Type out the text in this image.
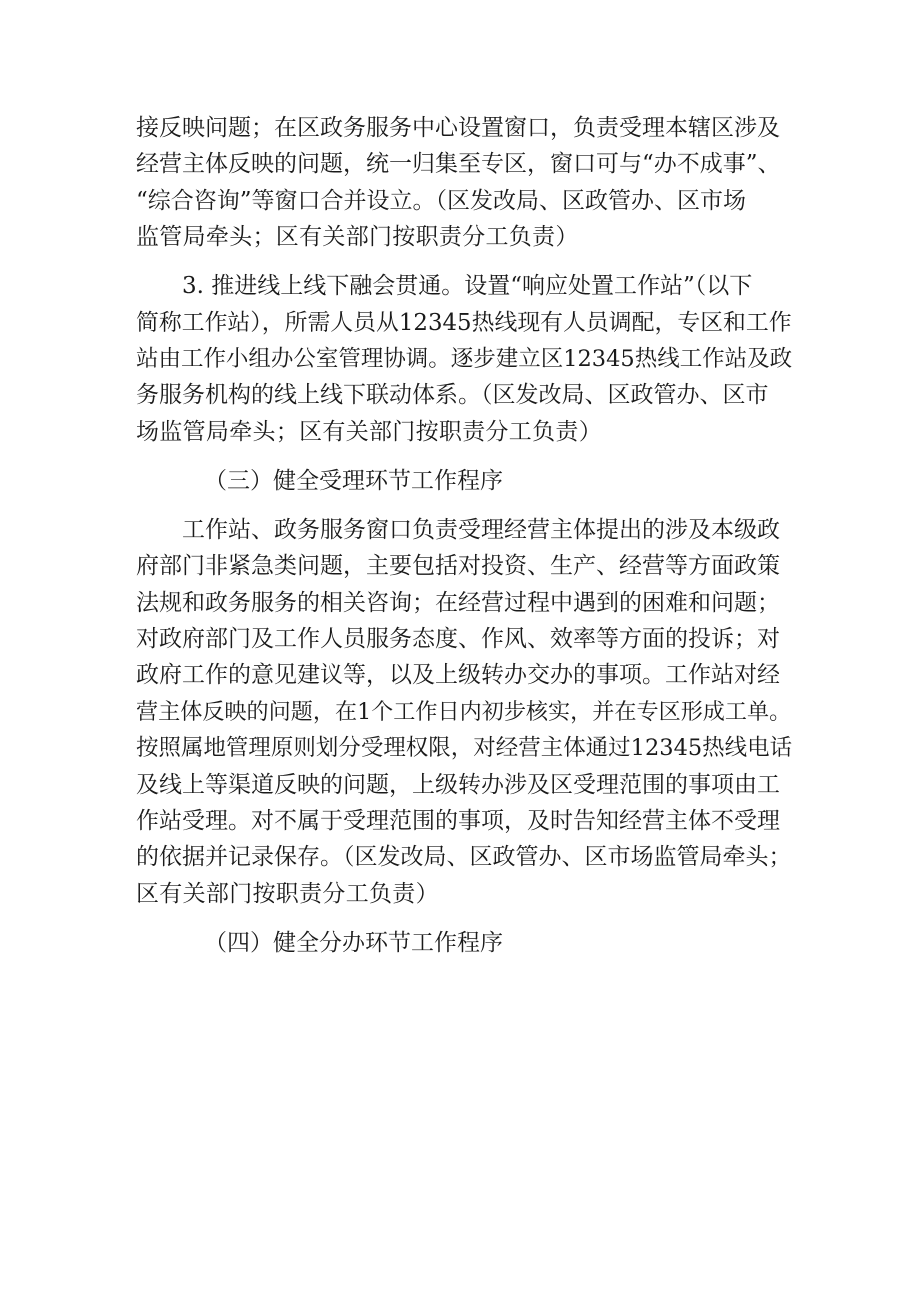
接反映问题；在区政务服务中心设置窗口，负责受理本辖区涉及
经营主体反映的问题，统一归集至专区，窗口可与“办不成事”、
“综合咨询”等窗口合并设立。（区发改局、区政管办、区市场
监管局牵头；区有关部门按职责分工负责）

3. 推进线上线下融会贯通。设置“响应处置工作站”（以下
简称工作站），所需人员从12345热线现有人员调配，专区和工作
站由工作小组办公室管理协调。逐步建立区12345热线工作站及政
务服务机构的线上线下联动体系。（区发改局、区政管办、区市
场监管局牵头；区有关部门按职责分工负责）

（三）健全受理环节工作程序

工作站、政务服务窗口负责受理经营主体提出的涉及本级政
府部门非紧急类问题，主要包括对投资、生产、经营等方面政策
法规和政务服务的相关咨询；在经营过程中遇到的困难和问题；
对政府部门及工作人员服务态度、作风、效率等方面的投诉；对
政府工作的意见建议等，以及上级转办交办的事项。工作站对经
营主体反映的问题，在1个工作日内初步核实，并在专区形成工单。
按照属地管理原则划分受理权限，对经营主体通过12345热线电话
及线上等渠道反映的问题，上级转办涉及区受理范围的事项由工
作站受理。对不属于受理范围的事项，及时告知经营主体不受理
的依据并记录保存。（区发改局、区政管办、区市场监管局牵头；
区有关部门按职责分工负责）

（四）健全分办环节工作程序
